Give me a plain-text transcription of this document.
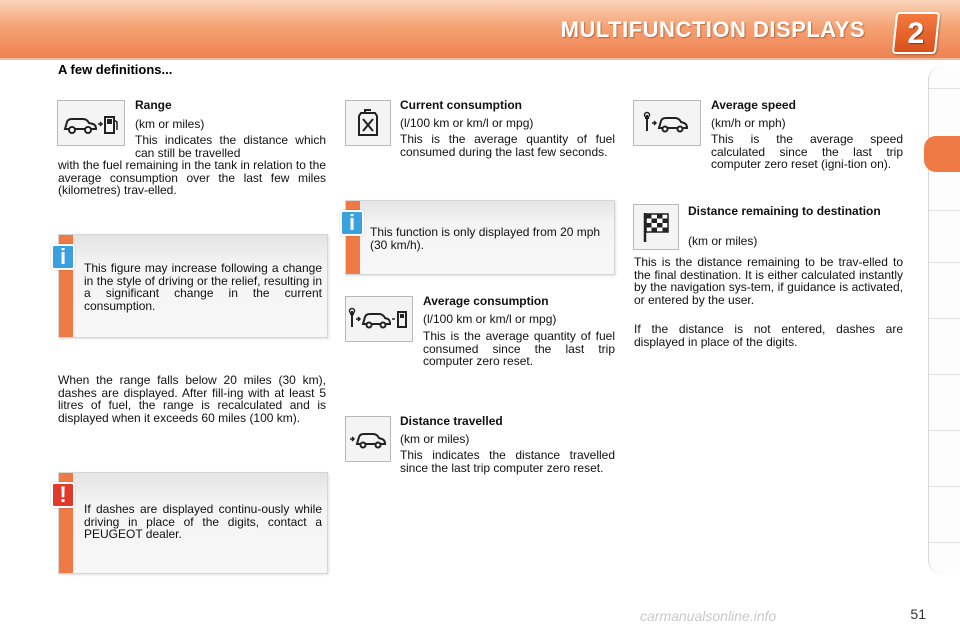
MULTIFUNCTION DISPLAYS	2
A few definitions...
Range
(km or miles)
This indicates the distance which can still be travelled
with the fuel remaining in the tank in relation to the average consumption over the last few miles (kilometres) trav-elled.
This figure may increase following a change in the style of driving or the relief, resulting in a significant change in the current consumption.
i
When the range falls below 20 miles (30 km), dashes are displayed. After fill-ing with at least 5 litres of fuel, the range is recalculated and is displayed when it exceeds 60 miles (100 km).
If dashes are displayed continu-ously while driving in place of the digits, contact a PEUGEOT dealer.
!
Current consumption
(l/100 km or km/l or mpg)
This is the average quantity of fuel consumed during the last few seconds.
This function is only displayed from 20 mph (30 km/h).
i
Average consumption
(l/100 km or km/l or mpg)
This is the average quantity of fuel consumed since the last trip computer zero reset.
Distance travelled
(km or miles)
This indicates the distance travelled since the last trip computer zero reset.
Average speed
(km/h or mph)
This is the average speed calculated since the last trip computer zero reset (igni-tion on).
Distance remaining to destination
(km or miles)
This is the distance remaining to be trav-elled to the final destination. It is either calculated instantly by the navigation sys-tem, if guidance is activated, or entered by the user.
If the distance is not entered, dashes are displayed in place of the digits.
carmanualsonline.info	51
